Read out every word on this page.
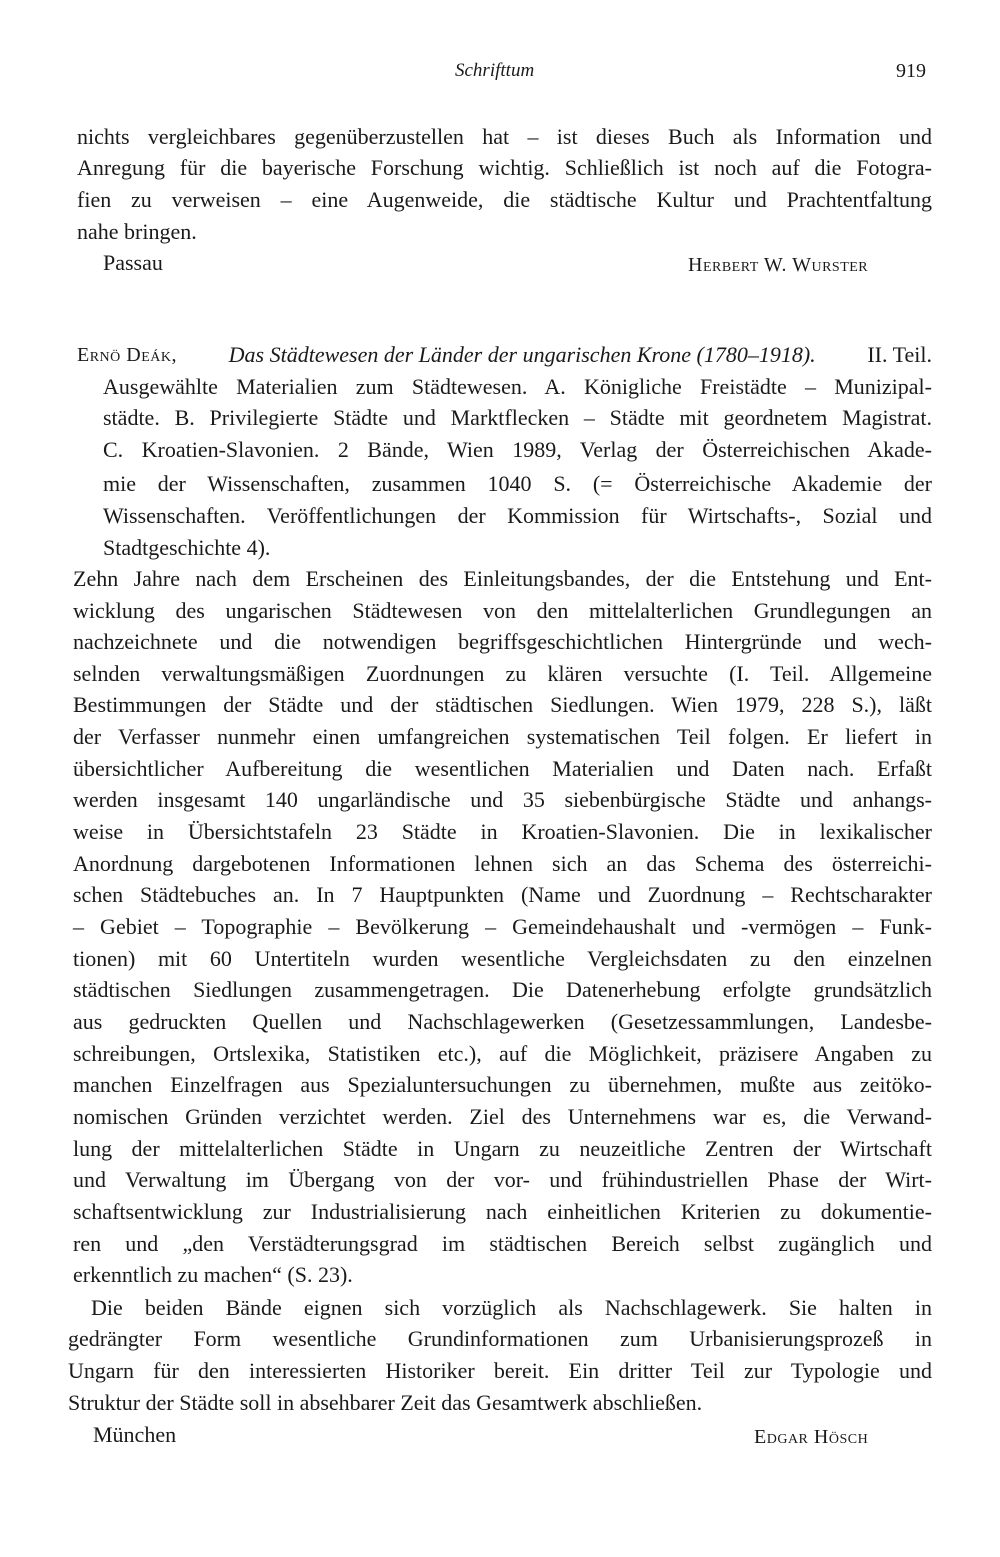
Schrifttum	919
nichts vergleichbares gegenüberzustellen hat – ist dieses Buch als Information und
Anregung für die bayerische Forschung wichtig. Schließlich ist noch auf die Fotogra-
fien zu verweisen – eine Augenweide, die städtische Kultur und Prachtentfaltung
nahe bringen.
Passau	Herbert W. Wurster
Ernö Deák, Das Städtewesen der Länder der ungarischen Krone (1780–1918). II. Teil.
Ausgewählte Materialien zum Städtewesen. A. Königliche Freistädte – Munizipal-
städte. B. Privilegierte Städte und Marktflecken – Städte mit geordnetem Magistrat.
C. Kroatien-Slavonien. 2 Bände, Wien 1989, Verlag der Österreichischen Akade-
mie der Wissenschaften, zusammen 1040 S. (= Österreichische Akademie der
Wissenschaften. Veröffentlichungen der Kommission für Wirtschafts-, Sozial und
Stadtgeschichte 4).
Zehn Jahre nach dem Erscheinen des Einleitungsbandes, der die Entstehung und Ent-
wicklung des ungarischen Städtewesen von den mittelalterlichen Grundlegungen an
nachzeichnete und die notwendigen begriffsgeschichtlichen Hintergründe und wech-
selnden verwaltungsmäßigen Zuordnungen zu klären versuchte (I. Teil. Allgemeine
Bestimmungen der Städte und der städtischen Siedlungen. Wien 1979, 228 S.), läßt
der Verfasser nunmehr einen umfangreichen systematischen Teil folgen. Er liefert in
übersichtlicher Aufbereitung die wesentlichen Materialien und Daten nach. Erfaßt
werden insgesamt 140 ungarländische und 35 siebenbürgische Städte und anhangs-
weise in Übersichtstafeln 23 Städte in Kroatien-Slavonien. Die in lexikalischer
Anordnung dargebotenen Informationen lehnen sich an das Schema des österreichi-
schen Städtebuches an. In 7 Hauptpunkten (Name und Zuordnung – Rechtscharakter
– Gebiet – Topographie – Bevölkerung – Gemeindehaushalt und -vermögen – Funk-
tionen) mit 60 Untertiteln wurden wesentliche Vergleichsdaten zu den einzelnen
städtischen Siedlungen zusammengetragen. Die Datenerhebung erfolgte grundsätzlich
aus gedruckten Quellen und Nachschlagewerken (Gesetzessammlungen, Landesbe-
schreibungen, Ortslexika, Statistiken etc.), auf die Möglichkeit, präzisere Angaben zu
manchen Einzelfragen aus Spezialuntersuchungen zu übernehmen, mußte aus zeitöko-
nomischen Gründen verzichtet werden. Ziel des Unternehmens war es, die Verwand-
lung der mittelalterlichen Städte in Ungarn zu neuzeitliche Zentren der Wirtschaft
und Verwaltung im Übergang von der vor- und frühindustriellen Phase der Wirt-
schaftsentwicklung zur Industrialisierung nach einheitlichen Kriterien zu dokumentie-
ren und „den Verstädterungsgrad im städtischen Bereich selbst zugänglich und
erkenntlich zu machen“ (S. 23).
Die beiden Bände eignen sich vorzüglich als Nachschlagewerk. Sie halten in
gedrängter Form wesentliche Grundinformationen zum Urbanisierungsprozeß in
Ungarn für den interessierten Historiker bereit. Ein dritter Teil zur Typologie und
Struktur der Städte soll in absehbarer Zeit das Gesamtwerk abschließen.
München	Edgar Hösch
